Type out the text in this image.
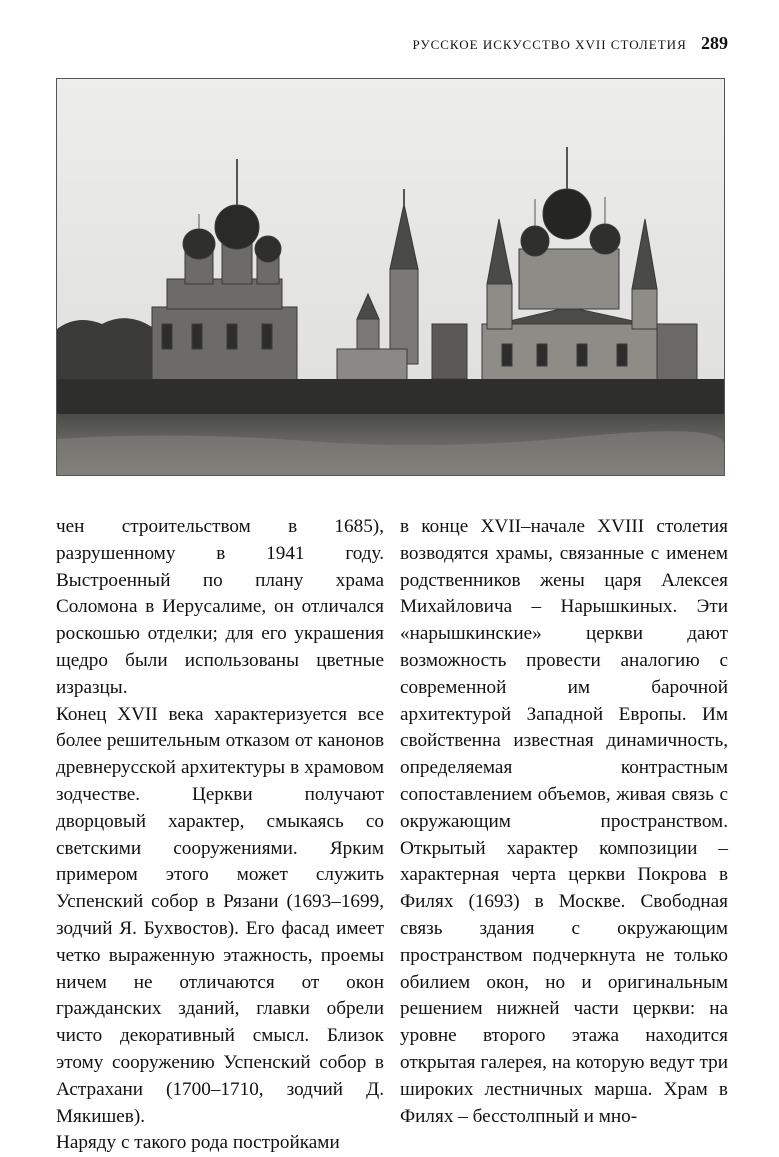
РУССКОЕ ИСКУССТВО XVII СТОЛЕТИЯ 289

чен строительством в 1685), разрушенному в 1941 году. Выстроенный по плану храма Соломона в Иерусалиме, он отличался роскошью отделки; для его украшения щедро были использованы цветные изразцы.

Конец XVII века характеризуется все более решительным отказом от канонов древнерусской архитектуры в храмовом зодчестве. Церкви получают дворцовый характер, смыкаясь со светскими сооружениями. Ярким примером этого может служить Успенский собор в Рязани (1693–1699, зодчий Я. Бухвостов). Его фасад имеет четко выраженную этажность, проемы ничем не отличаются от окон гражданских зданий, главки обрели чисто декоративный смысл. Близок этому сооружению Успенский собор в Астрахани (1700–1710, зодчий Д. Мякишев).

Наряду с такого рода постройками

в конце XVII–начале XVIII столетия возводятся храмы, связанные с именем родственников жены царя Алексея Михайловича – Нарышкиных. Эти «нарышкинские» церкви дают возможность провести аналогию с современной им барочной архитектурой Западной Европы. Им свойственна известная динамичность, определяемая контрастным сопоставлением объемов, живая связь с окружающим пространством. Открытый характер композиции – характерная черта церкви Покрова в Филях (1693) в Москве. Свободная связь здания с окружающим пространством подчеркнута не только обилием окон, но и оригинальным решением нижней части церкви: на уровне второго этажа находится открытая галерея, на которую ведут три широких лестничных марша. Храм в Филях – бесстолпный и мно-
